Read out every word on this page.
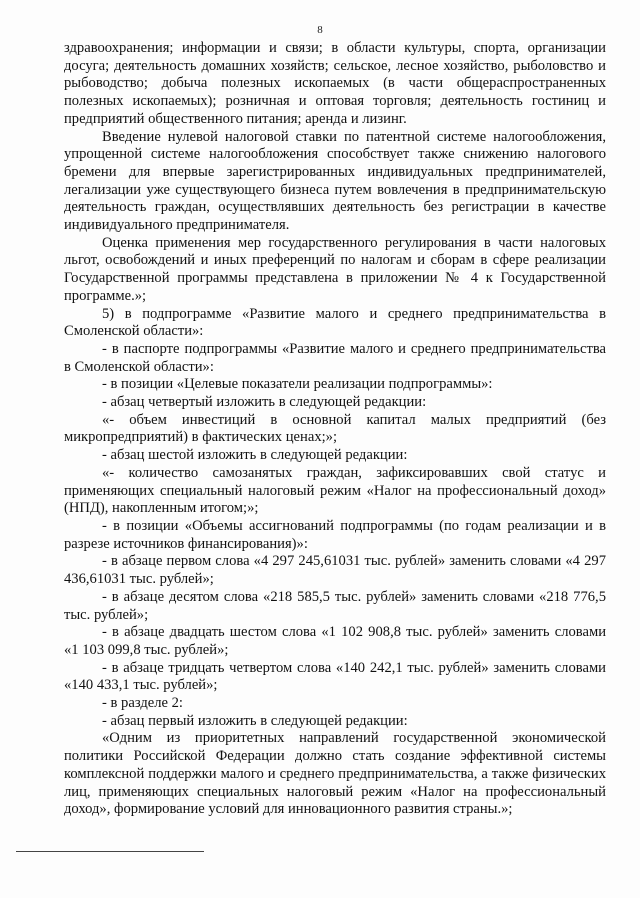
8

здравоохранения; информации и связи; в области культуры, спорта, организации досуга; деятельность домашних хозяйств; сельское, лесное хозяйство, рыболовство и рыбоводство; добыча полезных ископаемых (в части общераспространенных полезных ископаемых); розничная и оптовая торговля; деятельность гостиниц и предприятий общественного питания; аренда и лизинг.

Введение нулевой налоговой ставки по патентной системе налогообложения, упрощенной системе налогообложения способствует также снижению налогового бремени для впервые зарегистрированных индивидуальных предпринимателей, легализации уже существующего бизнеса путем вовлечения в предпринимательскую деятельность граждан, осуществлявших деятельность без регистрации в качестве индивидуального предпринимателя.

Оценка применения мер государственного регулирования в части налоговых льгот, освобождений и иных преференций по налогам и сборам в сфере реализации Государственной программы представлена в приложении № 4 к Государственной программе.»;

5) в подпрограмме «Развитие малого и среднего предпринимательства в Смоленской области»:

- в паспорте подпрограммы «Развитие малого и среднего предпринимательства в Смоленской области»:

- в позиции «Целевые показатели реализации подпрограммы»:

- абзац четвертый изложить в следующей редакции:

«- объем инвестиций в основной капитал малых предприятий (без микропредприятий) в фактических ценах;»;

- абзац шестой изложить в следующей редакции:

«- количество самозанятых граждан, зафиксировавших свой статус и применяющих специальный налоговый режим «Налог на профессиональный доход» (НПД), накопленным итогом;»;

- в позиции «Объемы ассигнований подпрограммы (по годам реализации и в разрезе источников финансирования)»:

- в абзаце первом слова «4 297 245,61031 тыс. рублей» заменить словами «4 297 436,61031 тыс. рублей»;

- в абзаце десятом слова «218 585,5 тыс. рублей» заменить словами «218 776,5 тыс. рублей»;

- в абзаце двадцать шестом слова «1 102 908,8 тыс. рублей» заменить словами «1 103 099,8 тыс. рублей»;

- в абзаце тридцать четвертом слова «140 242,1 тыс. рублей» заменить словами «140 433,1 тыс. рублей»;

- в разделе 2:

- абзац первый изложить в следующей редакции:

«Одним из приоритетных направлений государственной экономической политики Российской Федерации должно стать создание эффективной системы комплексной поддержки малого и среднего предпринимательства, а также физических лиц, применяющих специальных налоговый режим «Налог на профессиональный доход», формирование условий для инновационного развития страны.»;
